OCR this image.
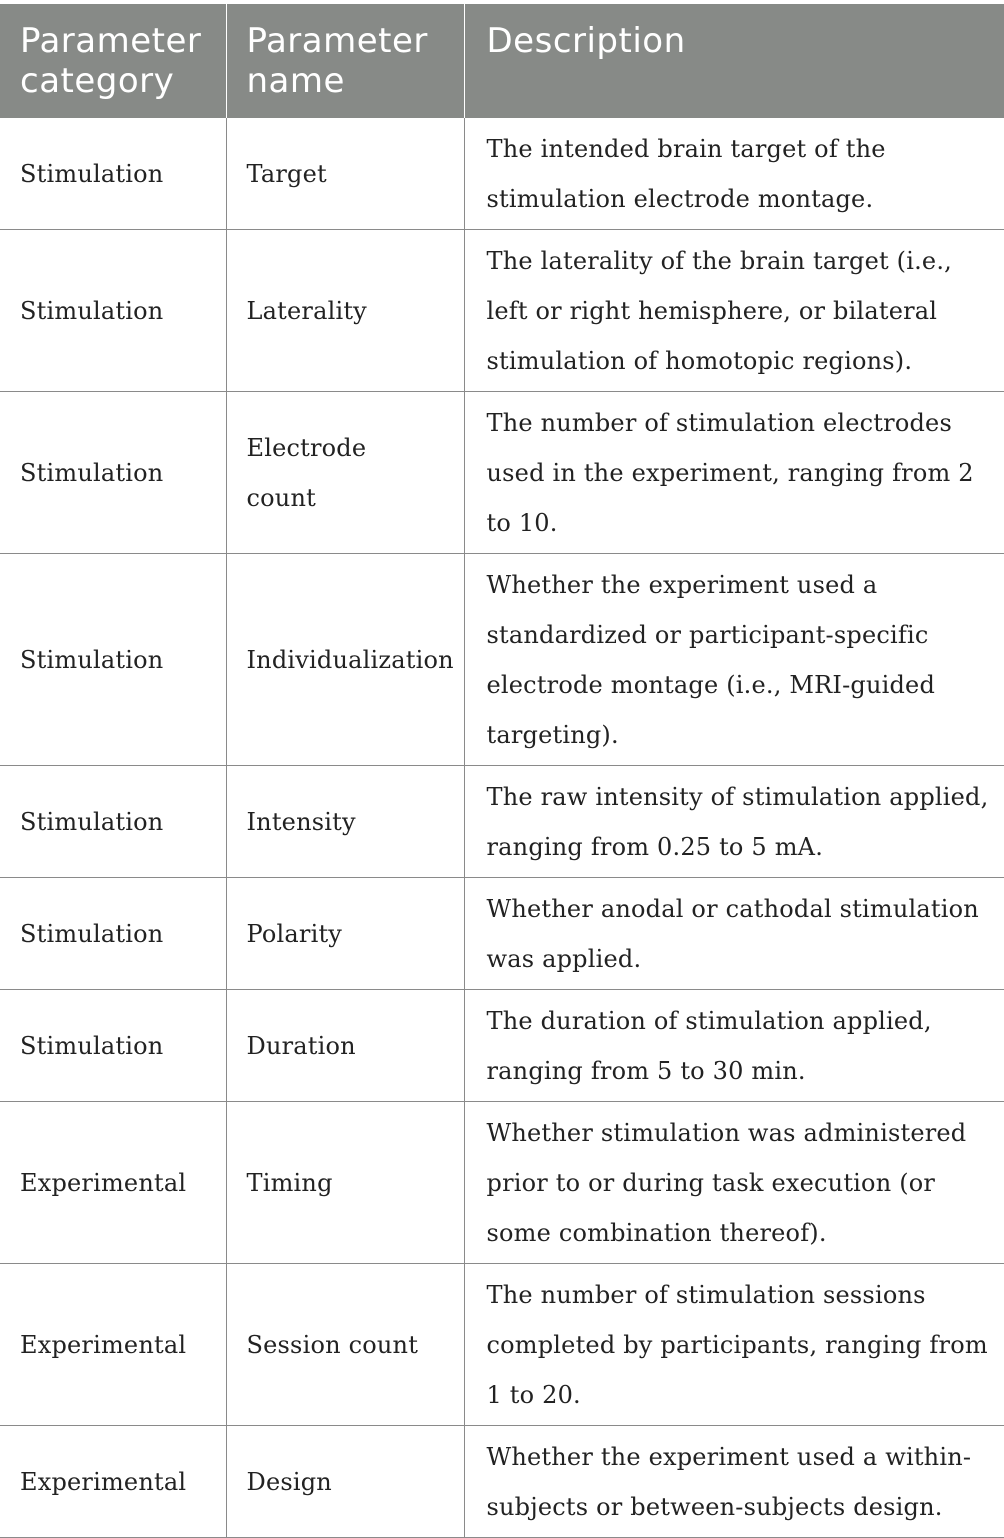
Parameter category	Parameter name	Description
Stimulation	Target	The intended brain target of the stimulation electrode montage.
Stimulation	Laterality	The laterality of the brain target (i.e., left or right hemisphere, or bilateral stimulation of homotopic regions).
Stimulation	Electrode count	The number of stimulation electrodes used in the experiment, ranging from 2 to 10.
Stimulation	Individualization	Whether the experiment used a standardized or participant-specific electrode montage (i.e., MRI-guided targeting).
Stimulation	Intensity	The raw intensity of stimulation applied, ranging from 0.25 to 5 mA.
Stimulation	Polarity	Whether anodal or cathodal stimulation was applied.
Stimulation	Duration	The duration of stimulation applied, ranging from 5 to 30 min.
Experimental	Timing	Whether stimulation was administered prior to or during task execution (or some combination thereof).
Experimental	Session count	The number of stimulation sessions completed by participants, ranging from 1 to 20.
Experimental	Design	Whether the experiment used a within-subjects or between-subjects design.
